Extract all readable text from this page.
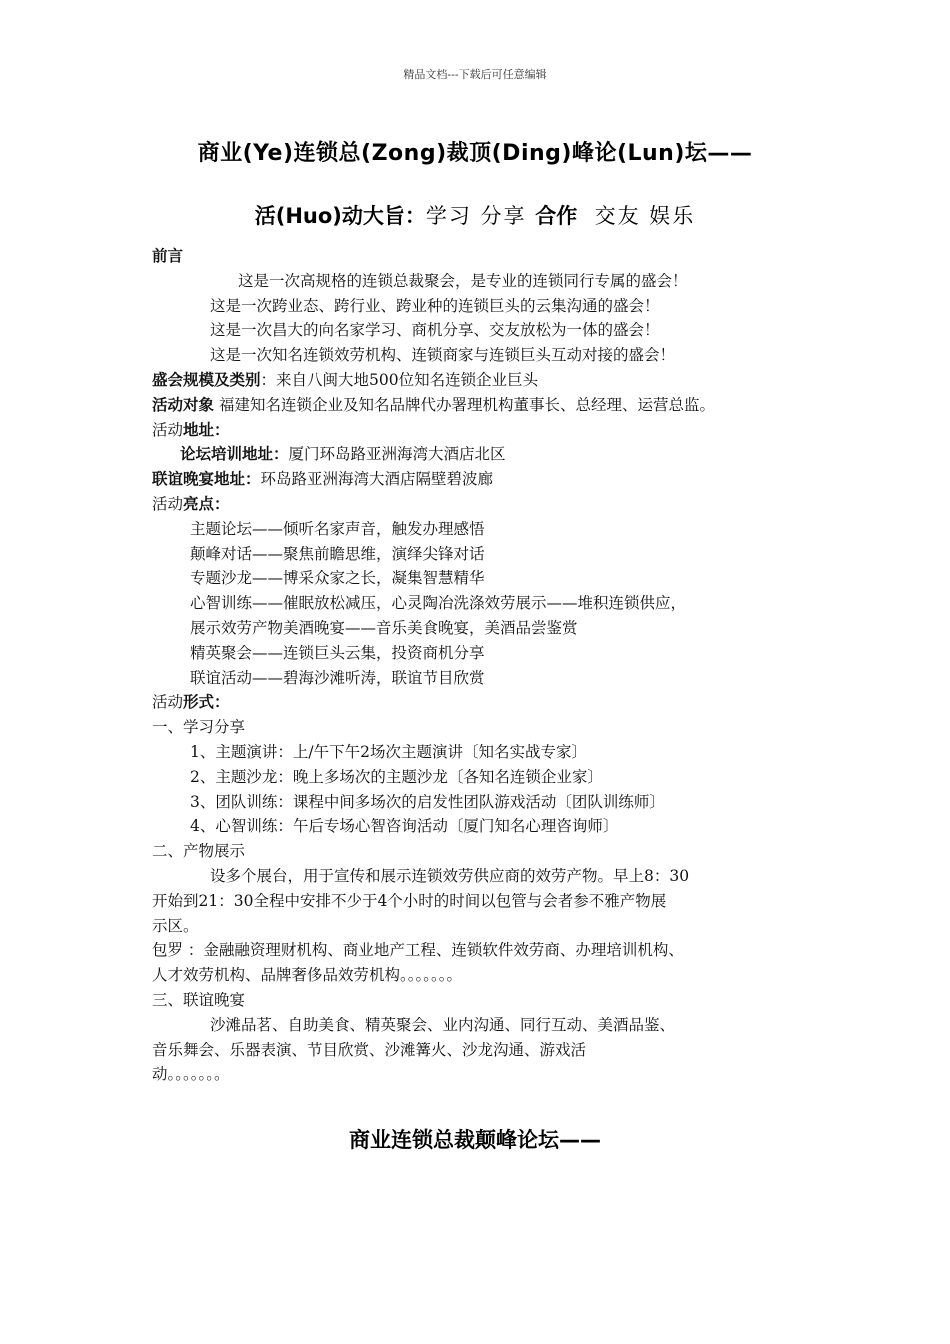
精品文档---下载后可任意编辑
商业(Ye)连锁总(Zong)裁顶(Ding)峰论(Lun)坛——
活(Huo)动大旨：学习 分享 合作  交友 娱乐
前言
这是一次高规格的连锁总裁聚会，是专业的连锁同行专属的盛会！
这是一次跨业态、跨行业、跨业种的连锁巨头的云集沟通的盛会！
这是一次昌大的向名家学习、商机分享、交友放松为一体的盛会！
这是一次知名连锁效劳机构、连锁商家与连锁巨头互动对接的盛会！
盛会规模及类别：来自八闽大地500位知名连锁企业巨头
活动对象 福建知名连锁企业及知名品牌代办署理机构董事长、总经理、运营总监。
活动地址：
论坛培训地址：厦门环岛路亚洲海湾大酒店北区
联谊晚宴地址：环岛路亚洲海湾大酒店隔壁碧波廊
活动亮点：
主题论坛——倾听名家声音，触发办理感悟
颠峰对话——聚焦前瞻思维，演绎尖锋对话
专题沙龙——博采众家之长，凝集智慧精华
心智训练——催眠放松减压，心灵陶冶洗涤效劳展示——堆积连锁供应，
展示效劳产物美酒晚宴——音乐美食晚宴，美酒品尝鉴赏
精英聚会——连锁巨头云集，投资商机分享
联谊活动——碧海沙滩听涛，联谊节目欣赏
活动形式：
一、学习分享
1、主题演讲：上/午下午2场次主题演讲〔知名实战专家〕
2、主题沙龙：晚上多场次的主题沙龙〔各知名连锁企业家〕
3、团队训练：课程中间多场次的启发性团队游戏活动〔团队训练师〕
4、心智训练：午后专场心智咨询活动〔厦门知名心理咨询师〕
二、产物展示
设多个展台，用于宣传和展示连锁效劳供应商的效劳产物。早上8：30
开始到21：30全程中安排不少于4个小时的时间以包管与会者参不雅产物展
示区。
包罗 ：金融融资理财机构、商业地产工程、连锁软件效劳商、办理培训机构、
人才效劳机构、品牌奢侈品效劳机构。。。。。。。
三、联谊晚宴
沙滩品茗、自助美食、精英聚会、业内沟通、同行互动、美酒品鉴、
音乐舞会、乐器表演、节目欣赏、沙滩篝火、沙龙沟通、游戏活
动。。。。。。。
商业连锁总裁颠峰论坛——
